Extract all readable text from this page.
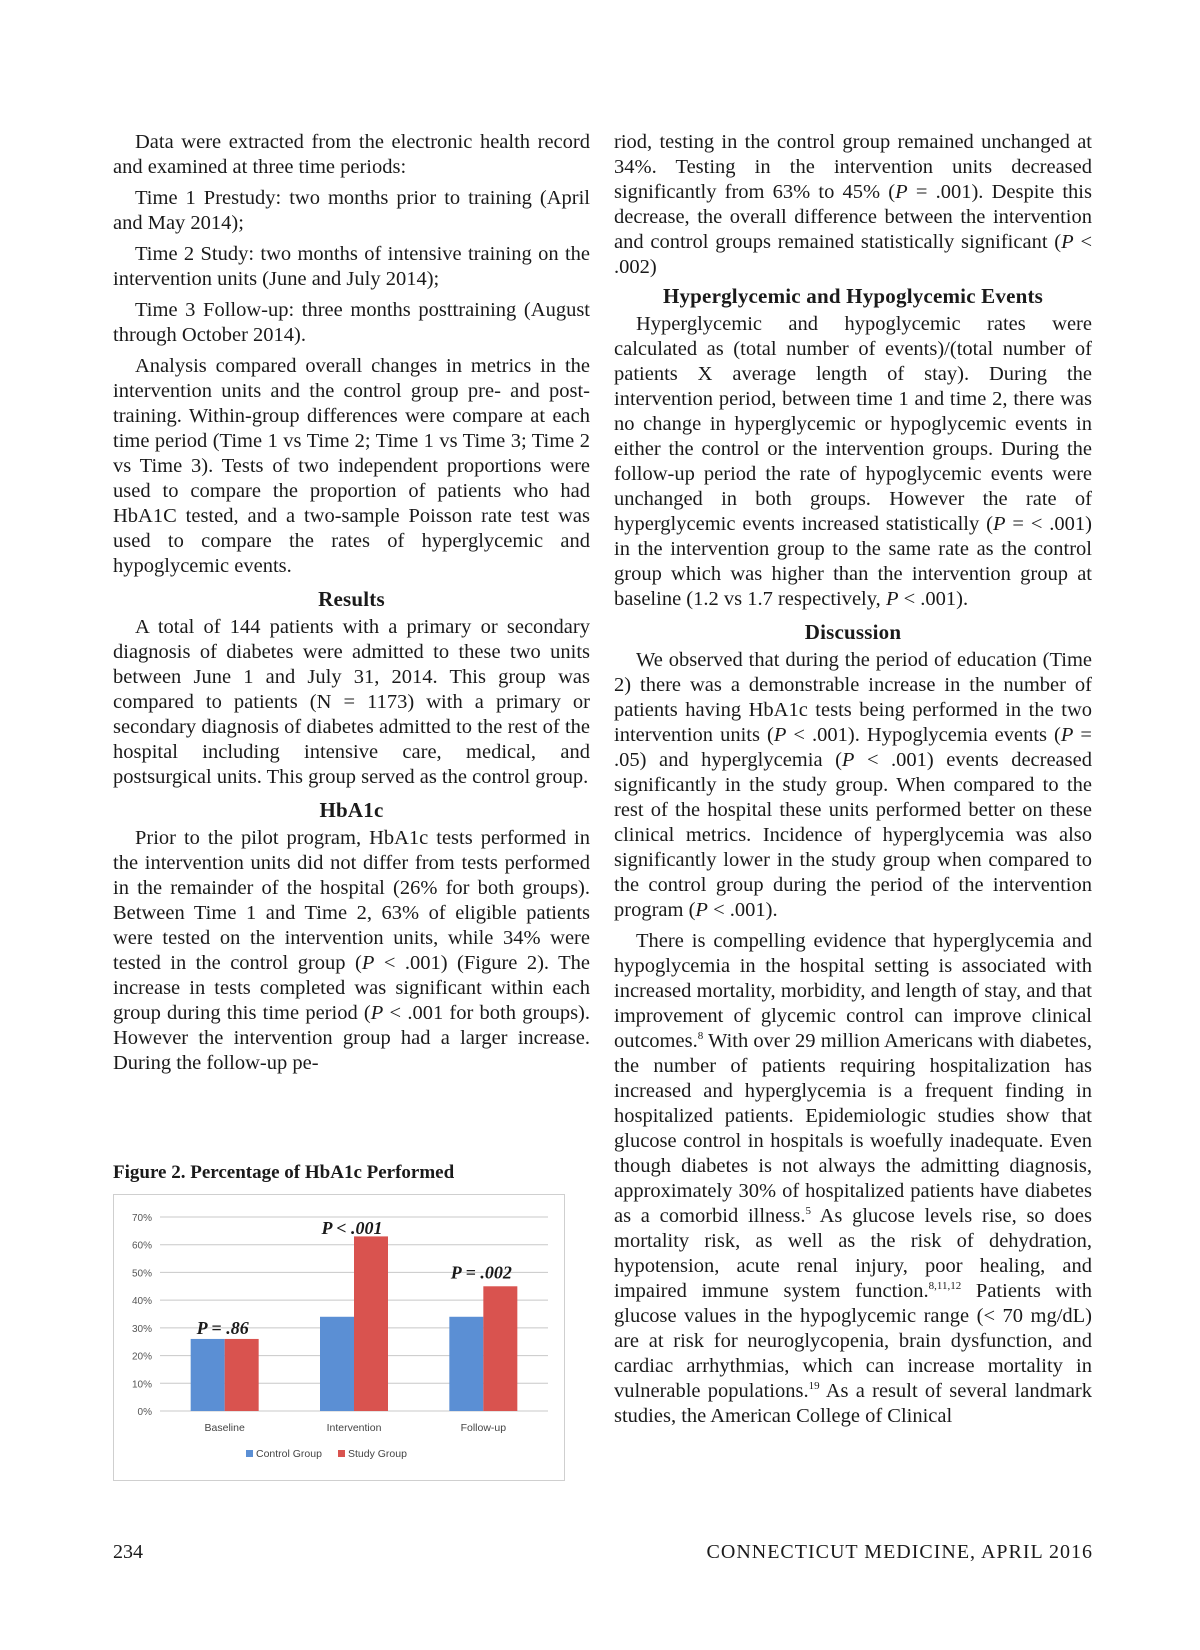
Data were extracted from the electronic health record and examined at three time periods:

Time 1 Prestudy: two months prior to training (April and May 2014);

Time 2 Study: two months of intensive training on the intervention units (June and July 2014);

Time 3 Follow-up: three months posttraining (August through October 2014).

Analysis compared overall changes in metrics in the intervention units and the control group pre- and post-training. Within-group differences were compare at each time period (Time 1 vs Time 2; Time 1 vs Time 3; Time 2 vs Time 3). Tests of two independent proportions were used to compare the proportion of patients who had HbA1C tested, and a two-sample Poisson rate test was used to compare the rates of hyperglycemic and hypoglycemic events.

Results

A total of 144 patients with a primary or secondary diagnosis of diabetes were admitted to these two units between June 1 and July 31, 2014. This group was compared to patients (N = 1173) with a primary or secondary diagnosis of diabetes admitted to the rest of the hospital including intensive care, medical, and postsurgical units. This group served as the control group.

HbA1c

Prior to the pilot program, HbA1c tests performed in the intervention units did not differ from tests performed in the remainder of the hospital (26% for both groups). Between Time 1 and Time 2, 63% of eligible patients were tested on the intervention units, while 34% were tested in the control group (P < .001) (Figure 2). The increase in tests completed was significant within each group during this time period (P < .001 for both groups). However the intervention group had a larger increase. During the follow-up pe-

riod, testing in the control group remained unchanged at 34%. Testing in the intervention units decreased significantly from 63% to 45% (P = .001). Despite this decrease, the overall difference between the intervention and control groups remained statistically significant (P < .002)

Hyperglycemic and Hypoglycemic Events

Hyperglycemic and hypoglycemic rates were calculated as (total number of events)/(total number of patients X average length of stay). During the intervention period, between time 1 and time 2, there was no change in hyperglycemic or hypoglycemic events in either the control or the intervention groups. During the follow-up period the rate of hypoglycemic events were unchanged in both groups. However the rate of hyperglycemic events increased statistically (P = < .001) in the intervention group to the same rate as the control group which was higher than the intervention group at baseline (1.2 vs 1.7 respectively, P < .001).

Discussion

We observed that during the period of education (Time 2) there was a demonstrable increase in the number of patients having HbA1c tests being performed in the two intervention units (P < .001). Hypoglycemia events (P = .05) and hyperglycemia (P < .001) events decreased significantly in the study group. When compared to the rest of the hospital these units performed better on these clinical metrics. Incidence of hyperglycemia was also significantly lower in the study group when compared to the control group during the period of the intervention program (P < .001).

There is compelling evidence that hyperglycemia and hypoglycemia in the hospital setting is associated with increased mortality, morbidity, and length of stay, and that improvement of glycemic control can improve clinical outcomes.$^8$ With over 29 million Americans with diabetes, the number of patients requiring hospitalization has increased and hyperglycemia is a frequent finding in hospitalized patients. Epidemiologic studies show that glucose control in hospitals is woefully inadequate. Even though diabetes is not always the admitting diagnosis, approximately 30% of hospitalized patients have diabetes as a comorbid illness.$^5$ As glucose levels rise, so does mortality risk, as well as the risk of dehydration, hypotension, acute renal injury, poor healing, and impaired immune system function.$^{8,11,12}$ Patients with glucose values in the hypoglycemic range (< 70 mg/dL) are at risk for neuroglycopenia, brain dysfunction, and cardiac arrhythmias, which can increase mortality in vulnerable populations.$^{19}$ As a result of several landmark studies, the American College of Clinical

Figure 2. Percentage of HbA1c Performed
0%
10%
20%
30%
40%
50%
60%
70%
Baseline	Intervention	Follow-up
P = .86
P < .001
P = .002
Control Group Study Group
234	CONNECTICUT MEDICINE, APRIL 2016
